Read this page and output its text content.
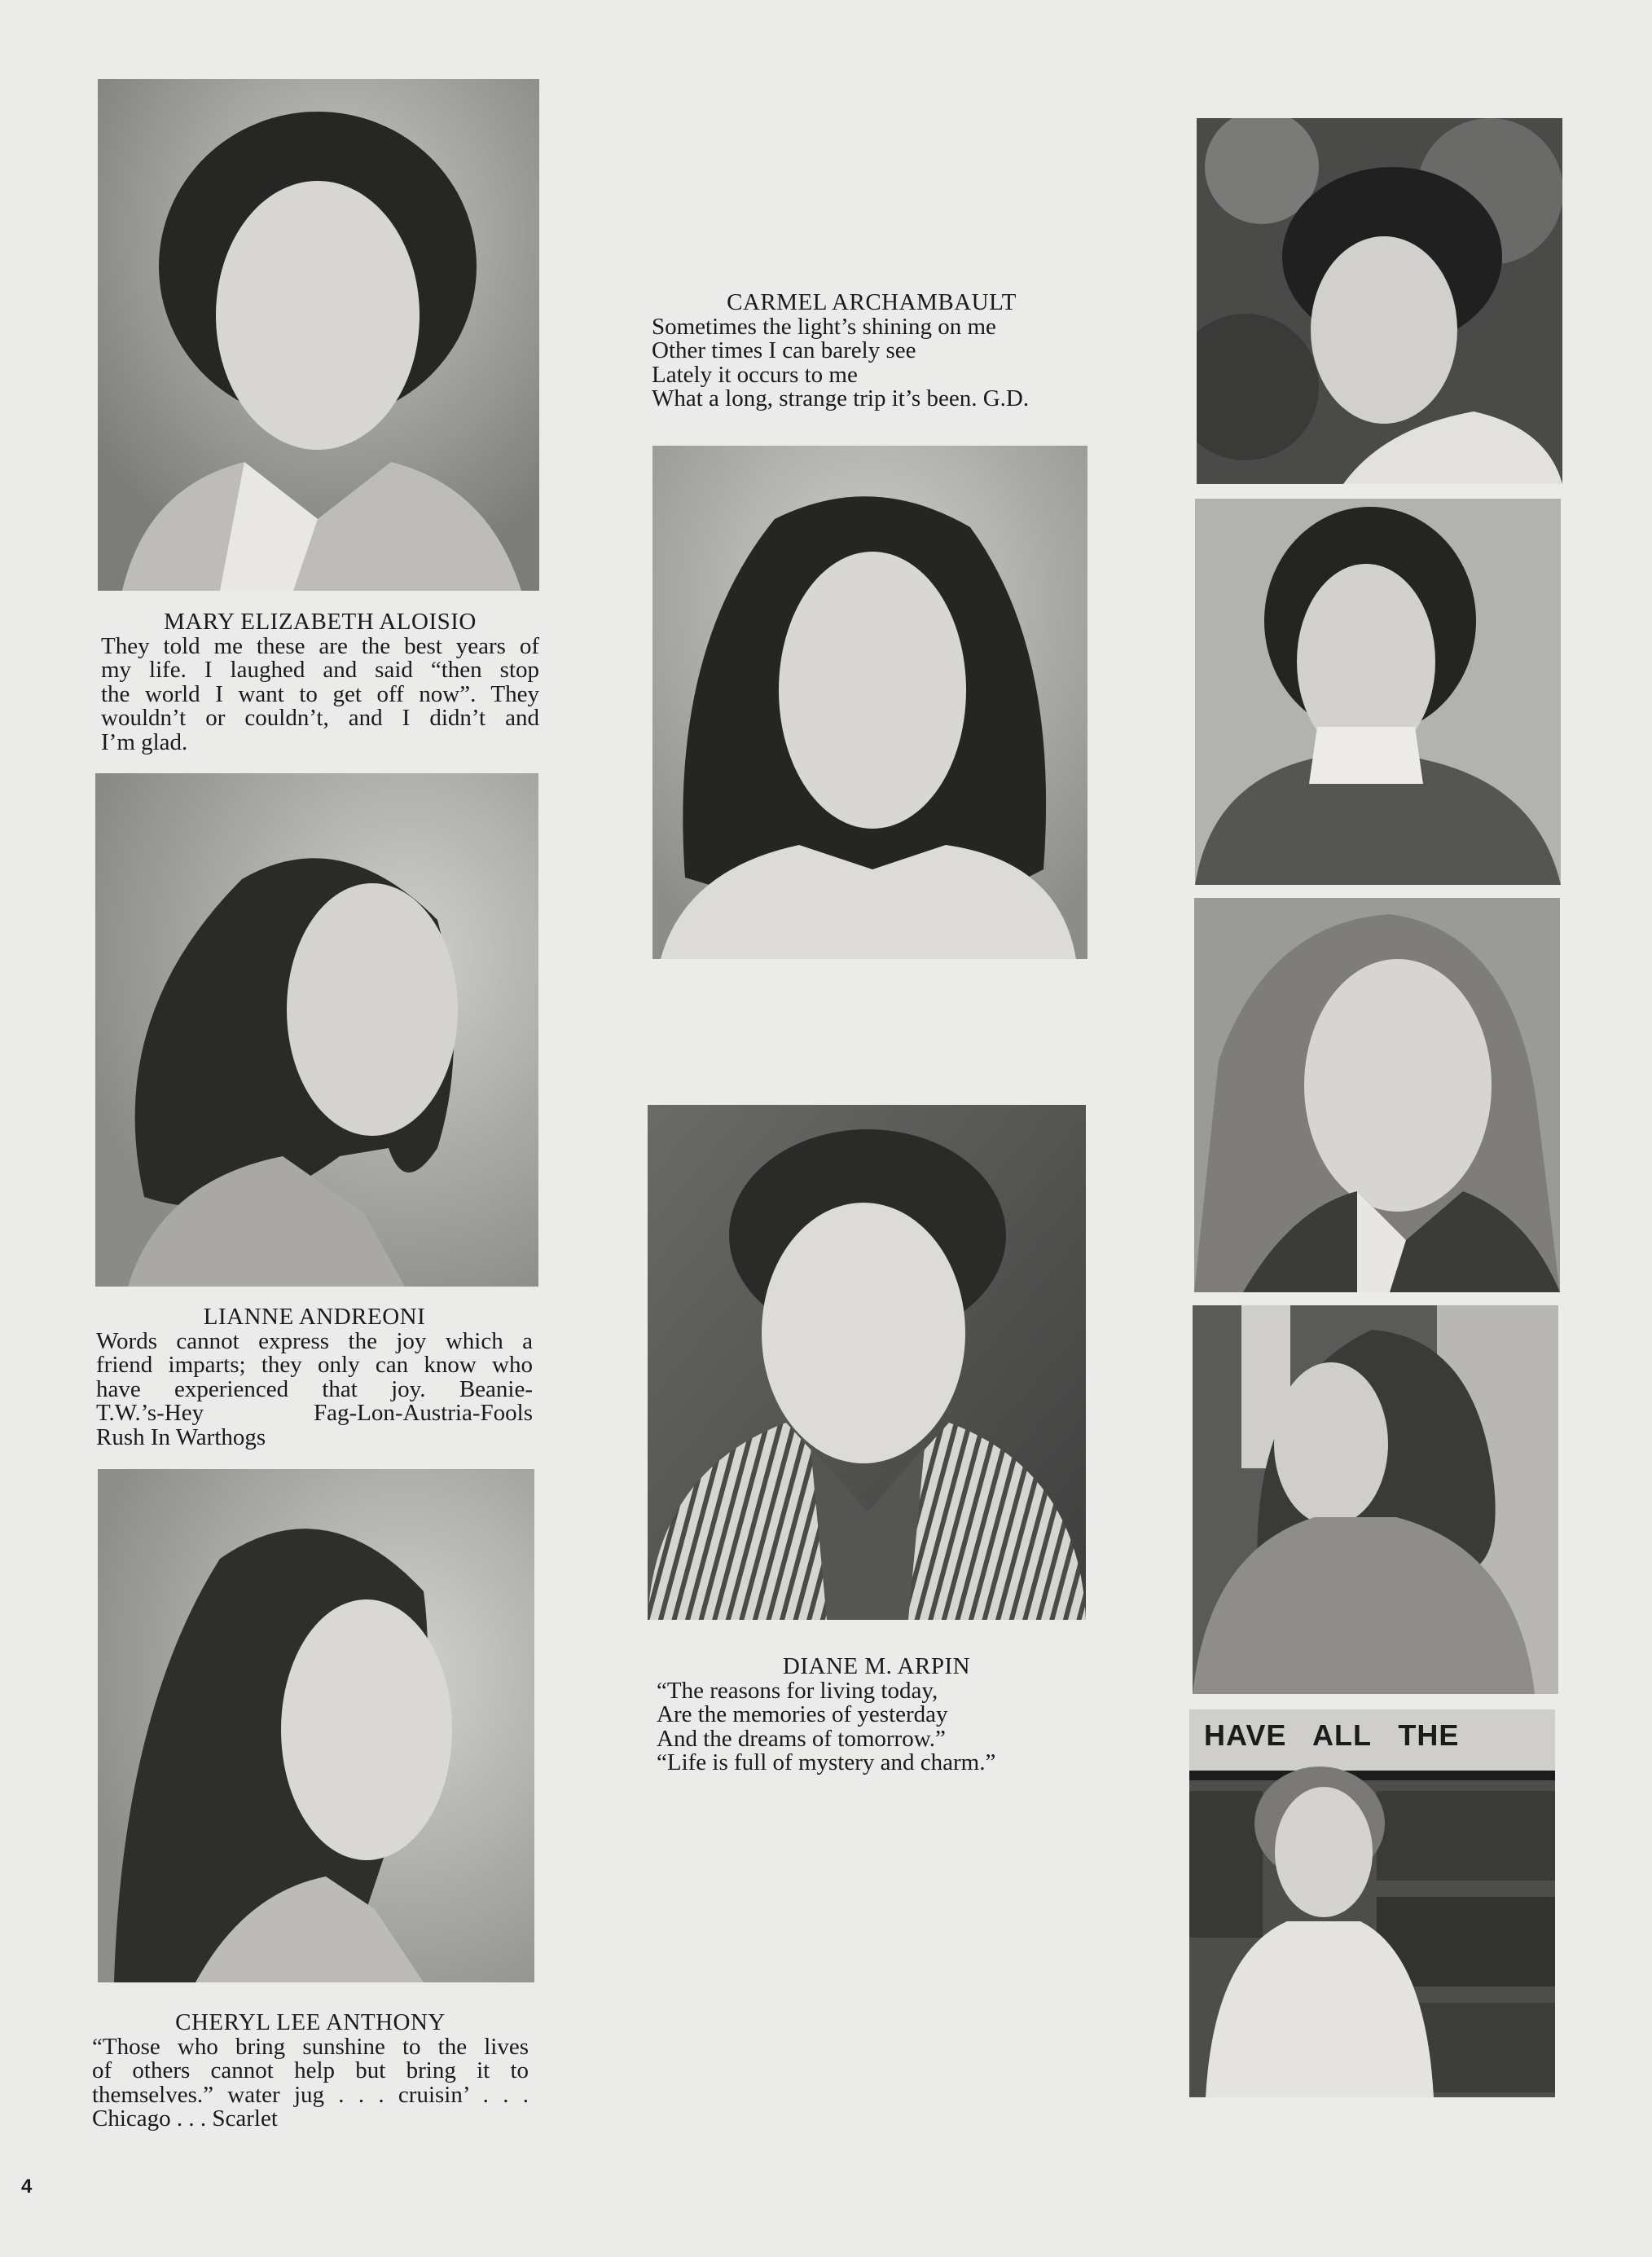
MARY ELIZABETH ALOISIO
They told me these are the best years of
my life. I laughed and said “then stop
the world I want to get off now”. They
wouldn’t or couldn’t, and I didn’t and
I’m glad.
LIANNE ANDREONI
Words cannot express the joy which a
friend imparts; they only can know who
have experienced that joy. Beanie-
T.W.’s-Hey Fag-Lon-Austria-Fools
Rush In Warthogs
CHERYL LEE ANTHONY
“Those who bring sunshine to the lives
of others cannot help but bring it to
themselves.” water jug . . . cruisin’ . . .
Chicago . . . Scarlet
CARMEL ARCHAMBAULT
Sometimes the light’s shining on me
Other times I can barely see
Lately it occurs to me
What a long, strange trip it’s been. G.D.
DIANE M. ARPIN
“The reasons for living today,
Are the memories of yesterday
And the dreams of tomorrow.”
“Life is full of mystery and charm.”
HAVE   ALL   THE
4
